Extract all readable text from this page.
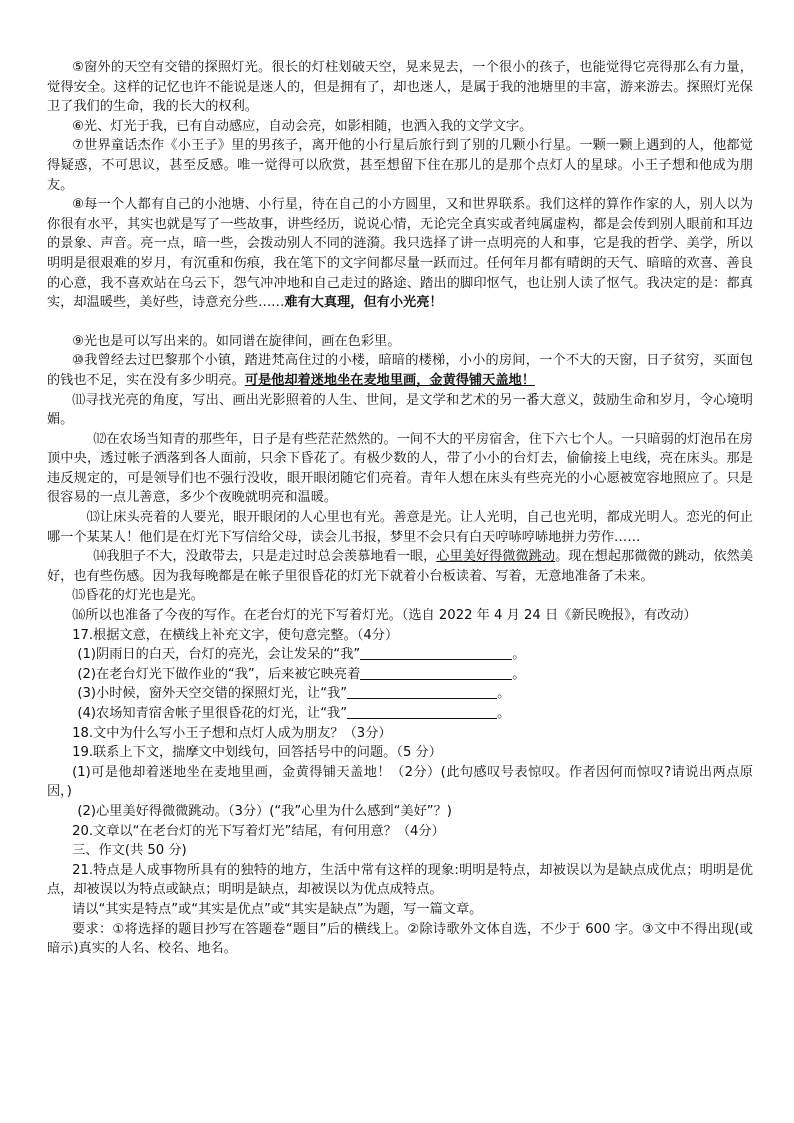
⑤窗外的天空有交错的探照灯光。很长的灯柱划破天空，晃来晃去，一个很小的孩子，也能觉得它亮得那么有力量，觉得安全。这样的记忆也许不能说是迷人的，但是拥有了，却也迷人，是属于我的池塘里的丰富，游来游去。探照灯光保卫了我们的生命，我的长大的权利。

⑥光、灯光于我，已有自动感应，自动会亮，如影相随，也洒入我的文学文字。

⑦世界童话杰作《小王子》里的男孩子，离开他的小行星后旅行到了别的几颗小行星。一颗一颗上遇到的人，他都觉得疑惑，不可思议，甚至反感。唯一觉得可以欣赏，甚至想留下住在那儿的是那个点灯人的星球。小王子想和他成为朋友。

⑧每一个人都有自己的小池塘、小行星，待在自己的小方圆里，又和世界联系。我们这样的算作作家的人，别人以为你很有水平，其实也就是写了一些故事，讲些经历，说说心情，无论完全真实或者纯属虚构，都是会传到别人眼前和耳边的景象、声音。亮一点，暗一些，会拨动别人不同的涟漪。我只选择了讲一点明亮的人和事，它是我的哲学、美学，所以明明是很艰难的岁月，有沉重和伤痕，我在笔下的文字间都尽量一跃而过。任何年月都有晴朗的天气、暗暗的欢喜、善良的心意，我不喜欢站在乌云下，怨气冲冲地和自己走过的路途、踏出的脚印怄气，也让别人读了怄气。我决定的是：都真实，却温暖些，美好些，诗意充分些……难有大真理，但有小光亮！

⑨光也是可以写出来的。如同谱在旋律间，画在色彩里。

⑩我曾经去过巴黎那个小镇，踏进梵高住过的小楼，暗暗的楼梯，小小的房间，一个不大的天窗，日子贫穷，买面包的钱也不足，实在没有多少明亮。可是他却着迷地坐在麦地里画，金黄得铺天盖地！

⑾寻找光亮的角度，写出、画出光影照着的人生、世间，是文学和艺术的另一番大意义，鼓励生命和岁月，令心境明媚。

⑿在农场当知青的那些年，日子是有些茫茫然然的。一间不大的平房宿舍，住下六七个人。一只暗弱的灯泡吊在房顶中央，透过帐子洒落到各人面前，只余下昏花了。有极少数的人，带了小小的台灯去，偷偷接上电线，亮在床头。那是违反规定的，可是领导们也不强行没收，眼开眼闭随它们亮着。青年人想在床头有些亮光的小心愿被宽容地照应了。只是很容易的一点儿善意，多少个夜晚就明亮和温暖。

⒀让床头亮着的人要光，眼开眼闭的人心里也有光。善意是光。让人光明，自己也光明，都成光明人。恋光的何止哪一个某某人！他们是在灯光下写信给父母，读会儿书报，梦里不会只有白天哼哧哼哧地拼力劳作……

⒁我胆子不大，没敢带去，只是走过时总会羡慕地看一眼，心里美好得微微跳动。现在想起那微微的跳动，依然美好，也有些伤感。因为我每晚都是在帐子里很昏花的灯光下就着小台板读着、写着，无意地准备了未来。

⒂昏花的灯光也是光。

⒃所以也准备了今夜的写作。在老台灯的光下写着灯光。（选自 2022 年 4 月 24 日《新民晚报》，有改动）

17.根据文意，在横线上补充文字，使句意完整。（4分）

(1)阴雨日的白天，台灯的亮光，会让发呆的“我”	。

(2)在老台灯光下做作业的“我”，后来被它映亮着	。

(3)小时候，窗外天空交错的探照灯光，让“我”	。

(4)农场知青宿舍帐子里很昏花的灯光，让“我”	。

18.文中为什么写小王子想和点灯人成为朋友？（3分）

19.联系上下文，揣摩文中划线句，回答括号中的问题。（5 分）

(1)可是他却着迷地坐在麦地里画，金黄得铺天盖地！（2分）(此句感叹号表惊叹。作者因何而惊叹?请说出两点原因，)

(2)心里美好得微微跳动。（3分）(“我”心里为什么感到“美好”？)

20.文章以“在老台灯的光下写着灯光”结尾，有何用意？（4分）

三、作文(共 50 分)

21.特点是人成事物所具有的独特的地方，生活中常有这样的现象:明明是特点，却被误以为是缺点成优点；明明是优点，却被误以为特点或缺点；明明是缺点，却被误以为优点成特点。

请以“其实是特点”或“其实是优点”或“其实是缺点”为题，写一篇文章。

要求：①将选择的题目抄写在答题卷“题目”后的横线上。②除诗歌外文体自选，不少于 600 字。③文中不得出现(或暗示)真实的人名、校名、地名。
